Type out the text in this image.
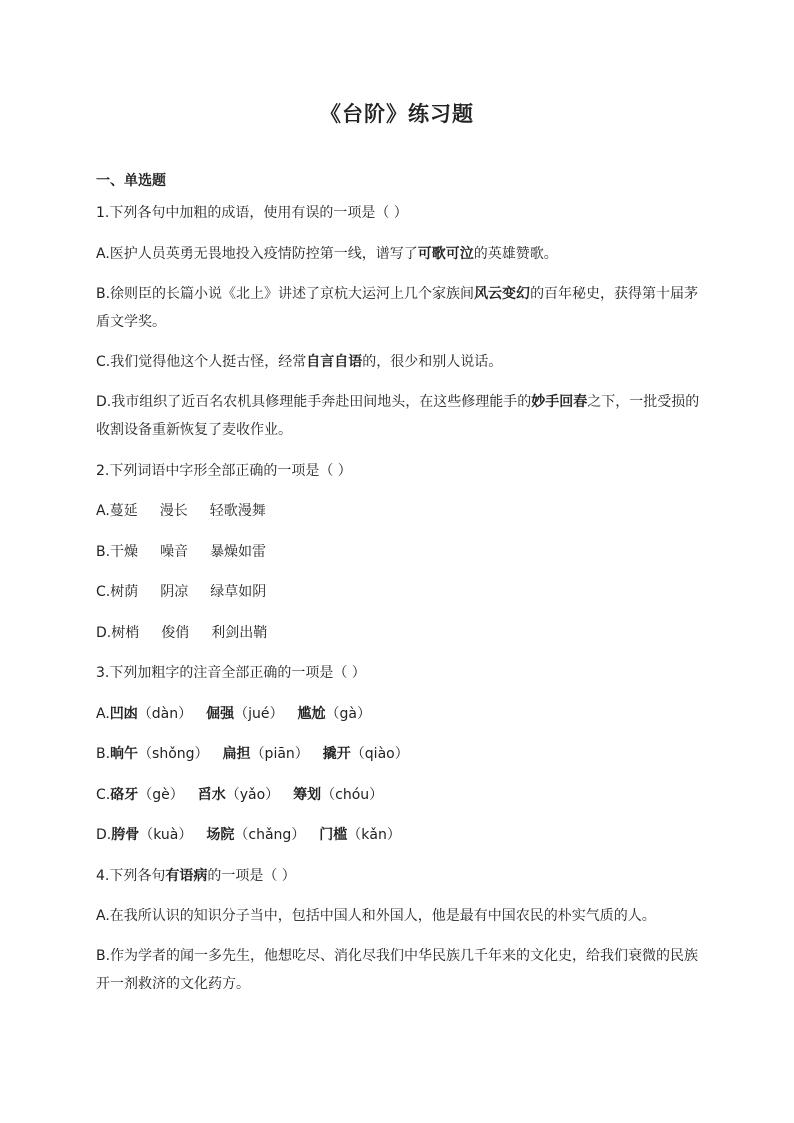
《台阶》练习题
一、单选题
1.下列各句中加粗的成语，使用有误的一项是（ ）
A.医护人员英勇无畏地投入疫情防控第一线，谱写了可歌可泣的英雄赞歌。
B.徐则臣的长篇小说《北上》讲述了京杭大运河上几个家族间风云变幻的百年秘史，获得第十届茅盾文学奖。
C.我们觉得他这个人挺古怪，经常自言自语的，很少和别人说话。
D.我市组织了近百名农机具修理能手奔赴田间地头，在这些修理能手的妙手回春之下，一批受损的收割设备重新恢复了麦收作业。
2.下列词语中字形全部正确的一项是（ ）
A.蔓延 漫长 轻歌漫舞
B.干燥 噪音 暴燥如雷
C.树荫 阴凉 绿草如阴
D.树梢 俊俏 利剑出鞘
3.下列加粗字的注音全部正确的一项是（ ）
A.凹凼（dàn） 倔强（jué） 尴尬（gà）
B.晌午（shǒng） 扁担（piān） 撬开（qiào）
C.硌牙（gè） 舀水（yǎo） 筹划（chóu）
D.胯骨（kuà） 场院（chǎng） 门槛（kǎn）
4.下列各句有语病的一项是（ ）
A.在我所认识的知识分子当中，包括中国人和外国人，他是最有中国农民的朴实气质的人。
B.作为学者的闻一多先生，他想吃尽、消化尽我们中华民族几千年来的文化史，给我们衰微的民族开一剂救济的文化药方。
